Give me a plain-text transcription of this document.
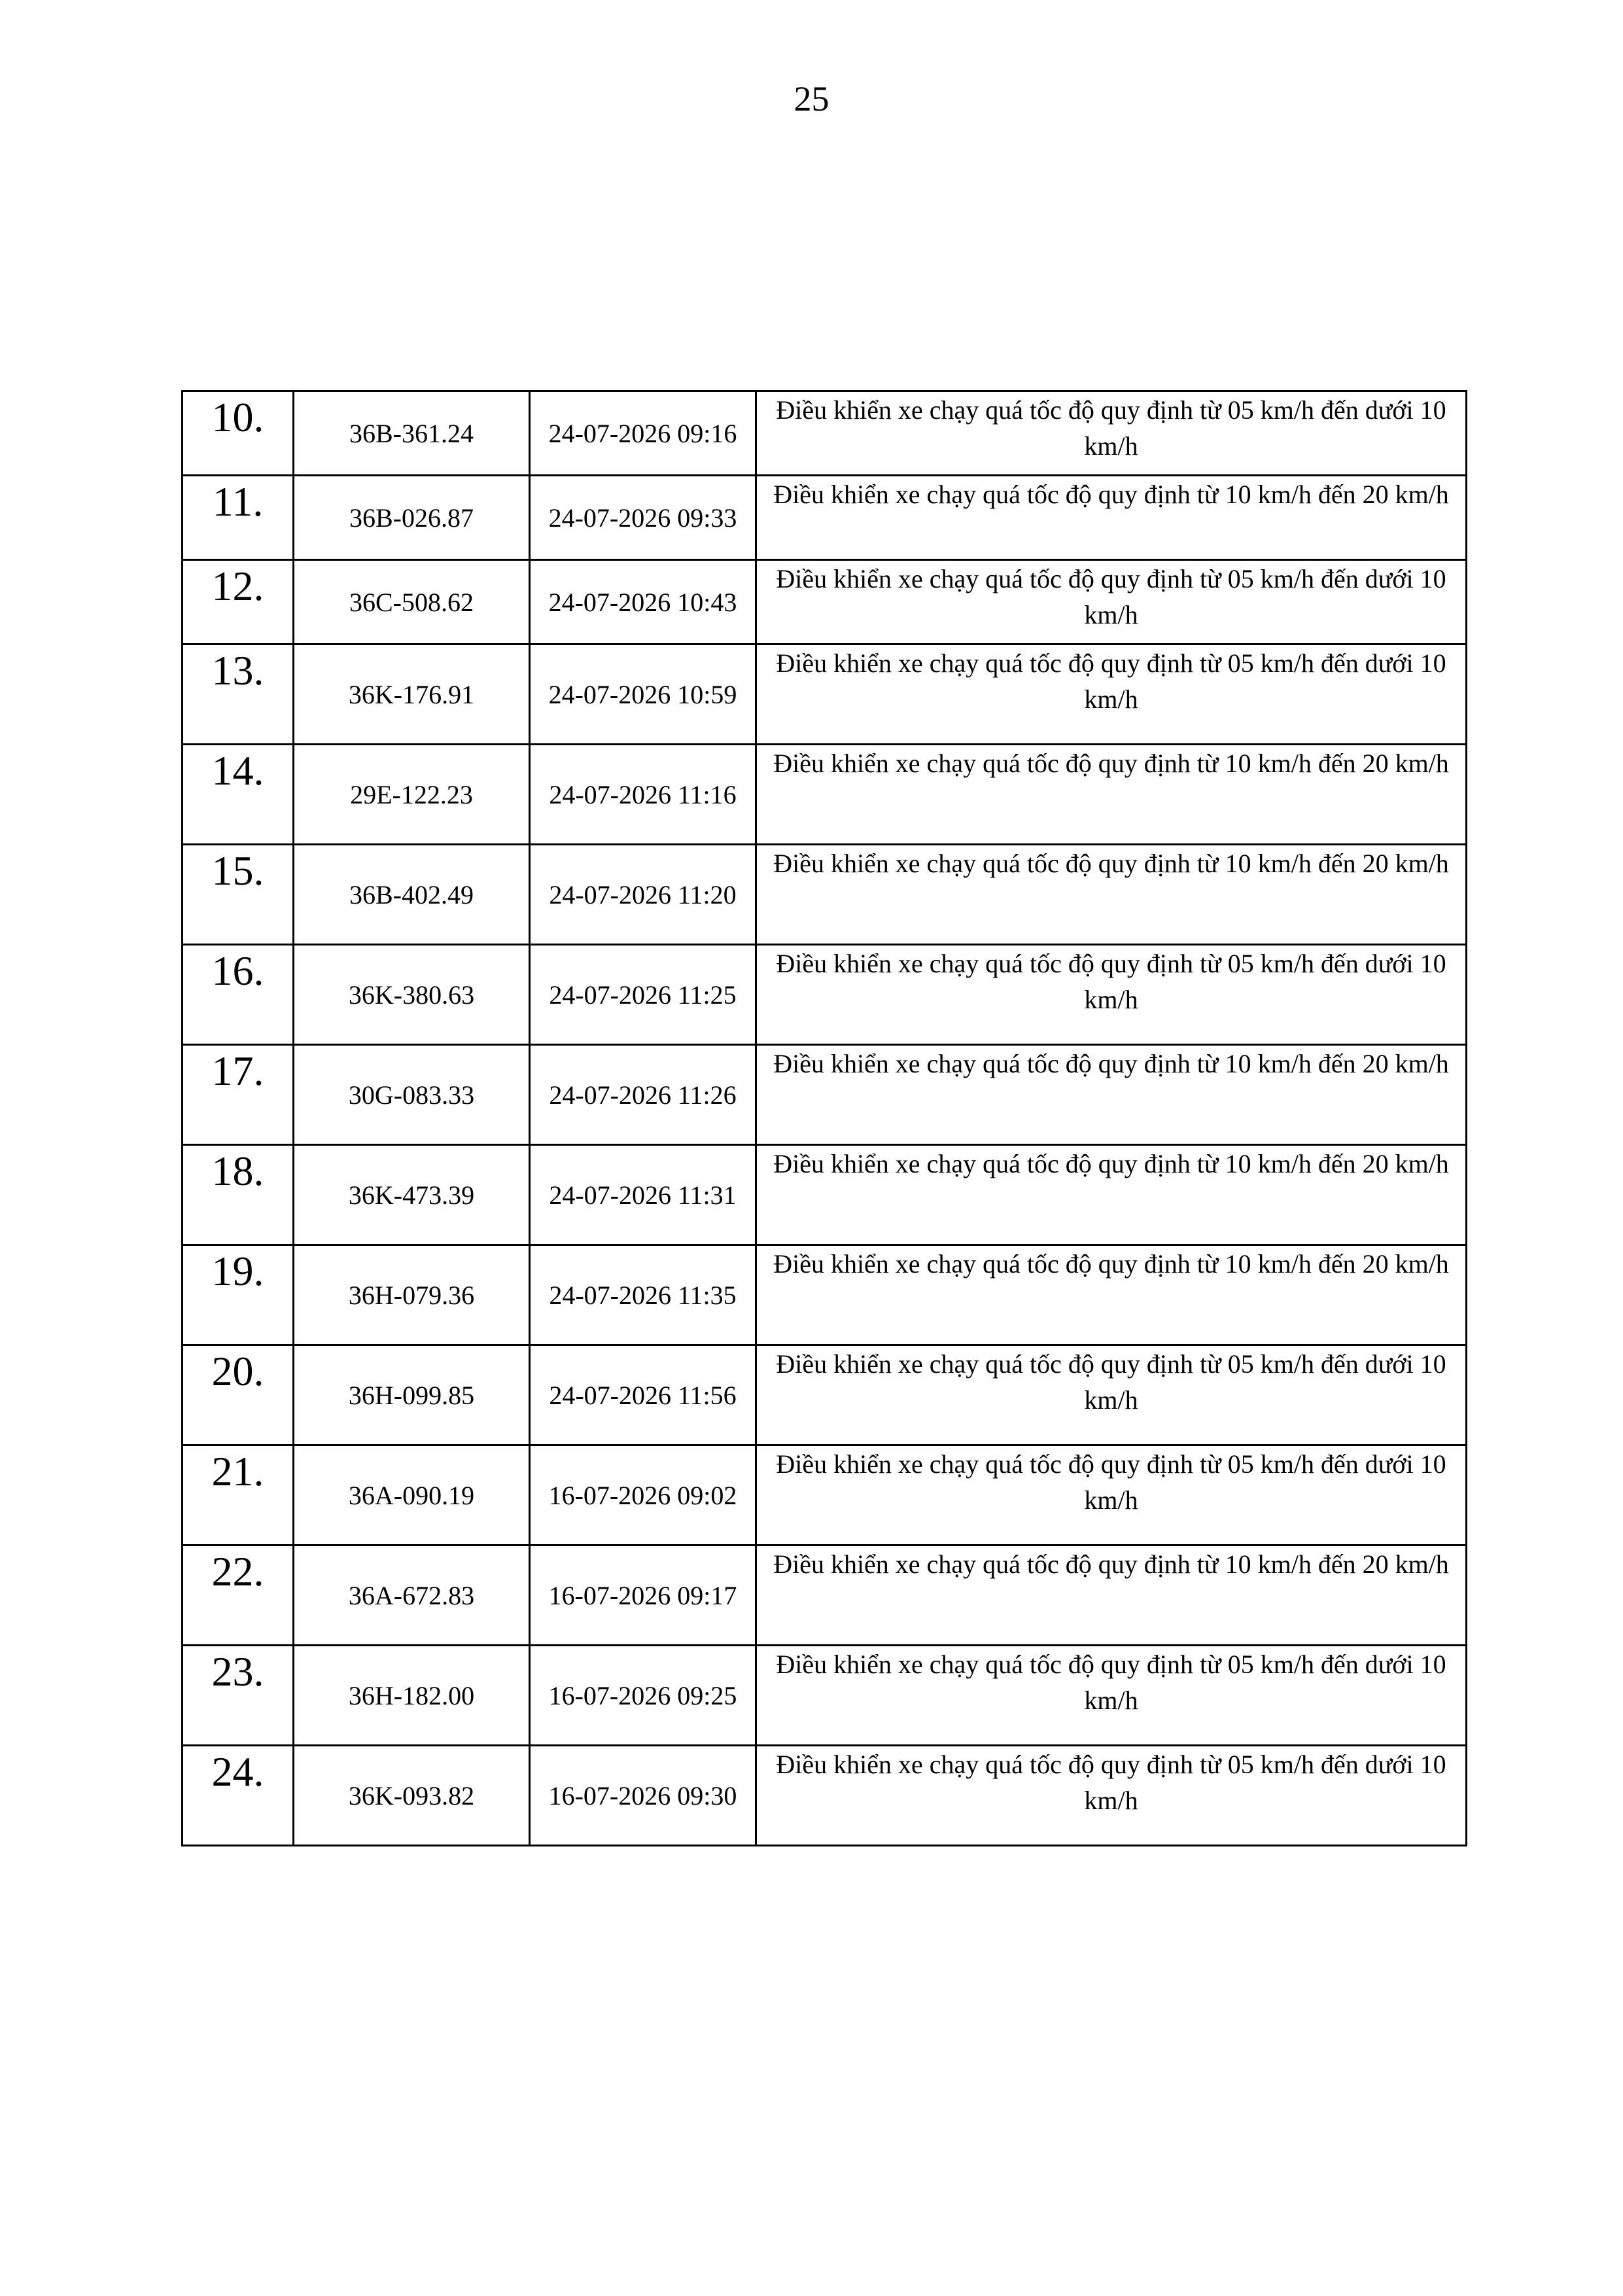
25
10.	36B-361.24	24-07-2026 09:16	Điều khiển xe chạy quá tốc độ quy định từ 05 km/h đến dưới 10 km/h
11.	36B-026.87	24-07-2026 09:33	Điều khiển xe chạy quá tốc độ quy định từ 10 km/h đến 20 km/h
12.	36C-508.62	24-07-2026 10:43	Điều khiển xe chạy quá tốc độ quy định từ 05 km/h đến dưới 10 km/h
13.	36K-176.91	24-07-2026 10:59	Điều khiển xe chạy quá tốc độ quy định từ 05 km/h đến dưới 10 km/h
14.	29E-122.23	24-07-2026 11:16	Điều khiển xe chạy quá tốc độ quy định từ 10 km/h đến 20 km/h
15.	36B-402.49	24-07-2026 11:20	Điều khiển xe chạy quá tốc độ quy định từ 10 km/h đến 20 km/h
16.	36K-380.63	24-07-2026 11:25	Điều khiển xe chạy quá tốc độ quy định từ 05 km/h đến dưới 10 km/h
17.	30G-083.33	24-07-2026 11:26	Điều khiển xe chạy quá tốc độ quy định từ 10 km/h đến 20 km/h
18.	36K-473.39	24-07-2026 11:31	Điều khiển xe chạy quá tốc độ quy định từ 10 km/h đến 20 km/h
19.	36H-079.36	24-07-2026 11:35	Điều khiển xe chạy quá tốc độ quy định từ 10 km/h đến 20 km/h
20.	36H-099.85	24-07-2026 11:56	Điều khiển xe chạy quá tốc độ quy định từ 05 km/h đến dưới 10 km/h
21.	36A-090.19	16-07-2026 09:02	Điều khiển xe chạy quá tốc độ quy định từ 05 km/h đến dưới 10 km/h
22.	36A-672.83	16-07-2026 09:17	Điều khiển xe chạy quá tốc độ quy định từ 10 km/h đến 20 km/h
23.	36H-182.00	16-07-2026 09:25	Điều khiển xe chạy quá tốc độ quy định từ 05 km/h đến dưới 10 km/h
24.	36K-093.82	16-07-2026 09:30	Điều khiển xe chạy quá tốc độ quy định từ 05 km/h đến dưới 10 km/h
